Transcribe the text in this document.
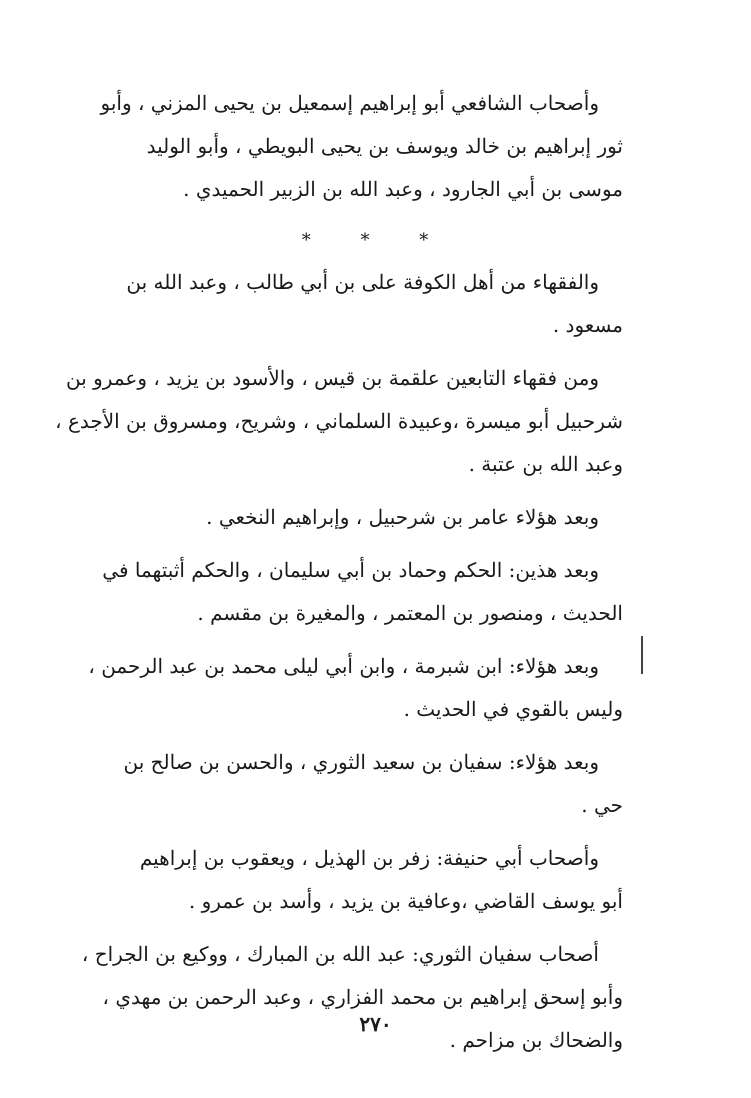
وأصحاب الشافعي أبو إبراهيم إسمعيل بن يحيى المزني ، وأبو
ثور إبراهيم بن خالد ويوسف بن يحيى البويطي ، وأبو الوليد
موسى بن أبي الجارود ، وعبد الله بن الزبير الحميدي .
* * *
والفقهاء من أهل الكوفة على بن أبي طالب ، وعبد الله بن
مسعود .
ومن فقهاء التابعين علقمة بن قيس ، والأسود بن يزيد ، وعمرو بن
شرحبيل أبو ميسرة ،وعبيدة السلماني ، وشريح، ومسروق بن الأجدع ،
وعبد الله بن عتبة .
وبعد هؤلاء عامر بن شرحبيل ، وإبراهيم النخعي .
وبعد هذين: الحكم وحماد بن أبي سليمان ، والحكم أثبتهما في
الحديث ، ومنصور بن المعتمر ، والمغيرة بن مقسم .
وبعد هؤلاء: ابن شبرمة ، وابن أبي ليلى محمد بن عبد الرحمن ،
وليس بالقوي في الحديث .
وبعد هؤلاء: سفيان بن سعيد الثوري ، والحسن بن صالح بن
حي .
وأصحاب أبي حنيفة: زفر بن الهذيل ، ويعقوب بن إبراهيم
أبو يوسف القاضي ،وعافية بن يزيد ، وأسد بن عمرو .
أصحاب سفيان الثوري: عبد الله بن المبارك ، ووكيع بن الجراح ،
وأبو إسحق إبراهيم بن محمد الفزاري ، وعبد الرحمن بن مهدي ،
والضحاك بن مزاحم .
٢٧٠
